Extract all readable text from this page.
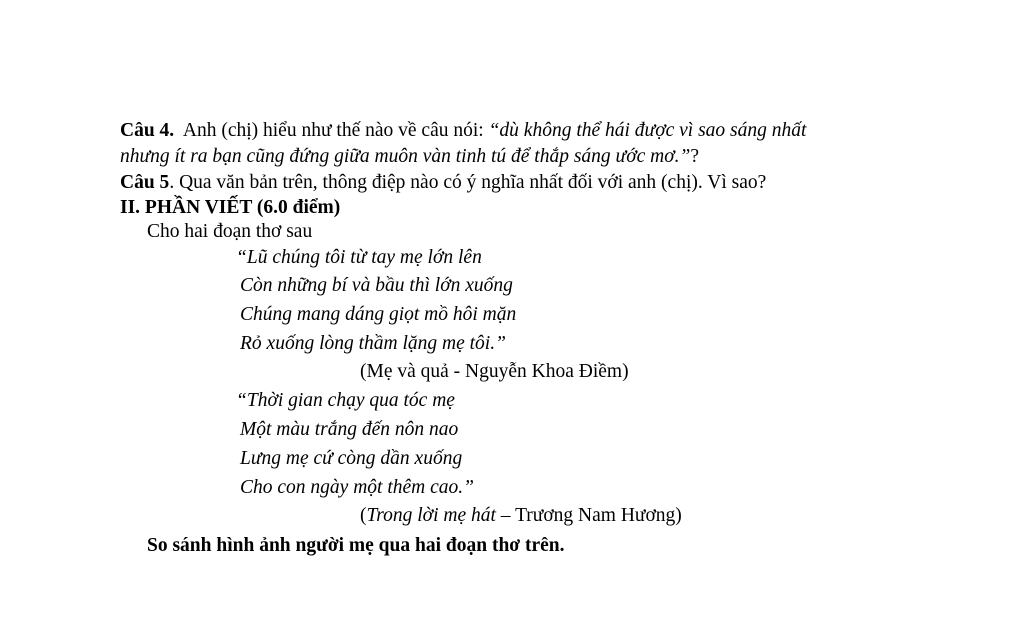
Câu 4. Anh (chị) hiểu như thế nào về câu nói: “dù không thể hái được vì sao sáng nhất
nhưng ít ra bạn cũng đứng giữa muôn vàn tinh tú để thắp sáng ước mơ.”?
Câu 5. Qua văn bản trên, thông điệp nào có ý nghĩa nhất đối với anh (chị). Vì sao?
II. PHẦN VIẾT (6.0 điểm)
Cho hai đoạn thơ sau
“Lũ chúng tôi từ tay mẹ lớn lên
Còn những bí và bầu thì lớn xuống
Chúng mang dáng giọt mồ hôi mặn
Rỏ xuống lòng thầm lặng mẹ tôi.”
(Mẹ và quả - Nguyễn Khoa Điềm)
“Thời gian chạy qua tóc mẹ
Một màu trắng đến nôn nao
Lưng mẹ cứ còng dần xuống
Cho con ngày một thêm cao.”
(Trong lời mẹ hát – Trương Nam Hương)
So sánh hình ảnh người mẹ qua hai đoạn thơ trên.
